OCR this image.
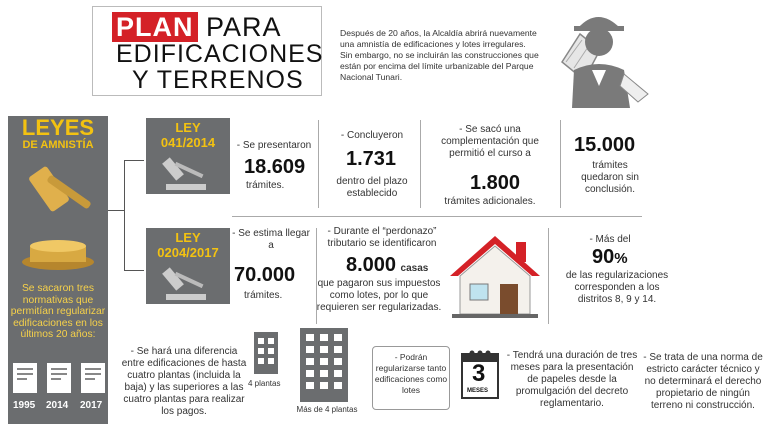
PLAN PARA
EDIFICACIONES
Y TERRENOS
Después de 20 años, la Alcaldía abrirá nuevamente una amnistía de edificaciones y lotes irregulares. Sin embargo, no se incluirán las construcciones que están por encima del límite urbanizable del Parque Nacional Tunari.
LEYES
DE AMNISTÍA
Se sacaron tres normativas que permitían regularizar edificaciones en los últimos 20 años:
1995 2014 2017
LEY
041/2014	- Se presentaron
18.609
trámites.
- Concluyeron
1.731
dentro del plazo establecido
- Se sacó una complementación que permitió el curso a
1.800
trámites adicionales.
15.000
trámites quedaron sin conclusión.
LEY
0204/2017
- Se estima llegar a
70.000
trámites.
- Durante el “perdonazo” tributario se identificaron
8.000 casas
que pagaron sus impuestos como lotes, por lo que requieren ser regularizadas.
- Más del
90%
de las regularizaciones corresponden a los distritos 8, 9 y 14.
- Se hará una diferencia entre edificaciones de hasta cuatro plantas (incluida la baja) y las superiores a las cuatro plantas para realizar los pagos.
4 plantas
Más de 4 plantas
- Podrán regularizarse tanto edificaciones como lotes
3
MESES
- Tendrá una duración de tres meses para la presentación de papeles desde la promulgación del decreto reglamentario.
- Se trata de una norma de estricto carácter técnico y no determinará el derecho propietario de ningún terreno ni construcción.
